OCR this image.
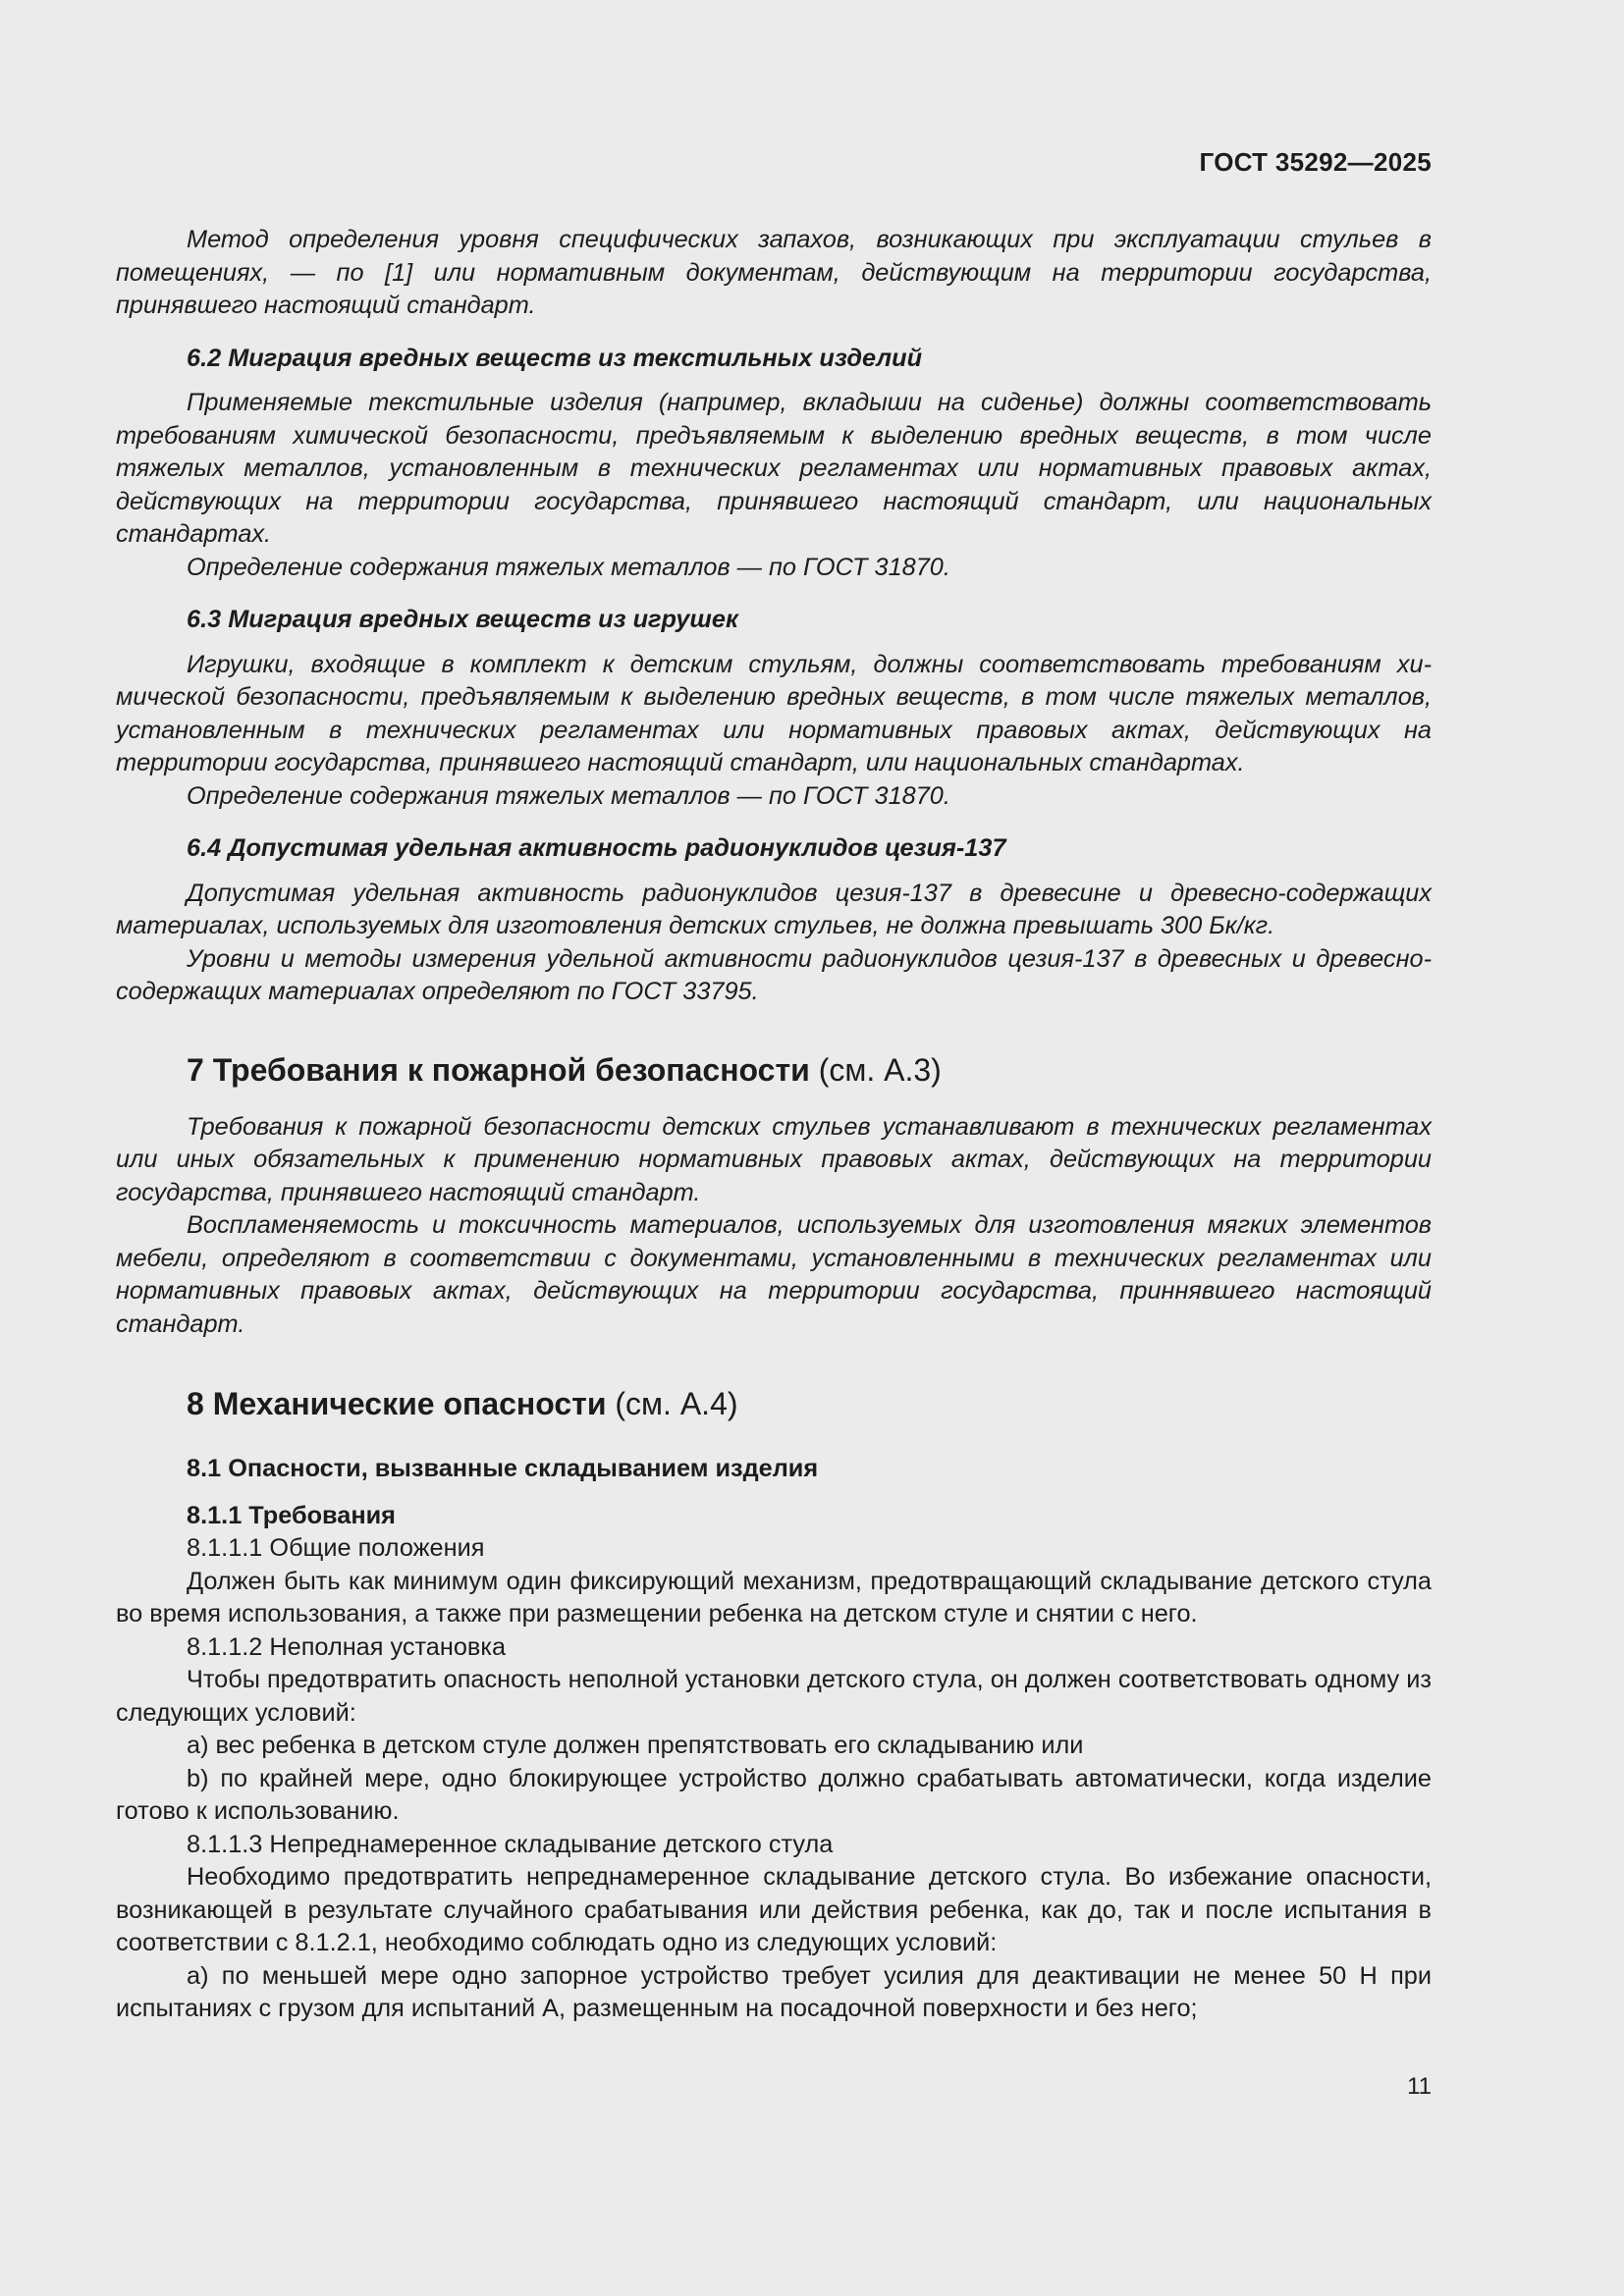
ГОСТ 35292—2025

Метод определения уровня специфических запахов, возникающих при эксплуатации стульев в помещениях, — по [1] или нормативным документам, действующим на территории государства, принявшего настоящий стандарт.

6.2 Миграция вредных веществ из текстильных изделий

Применяемые текстильные изделия (например, вкладыши на сиденье) должны соответствовать требованиям химической безопасности, предъявляемым к выделению вредных веществ, в том числе тяжелых металлов, установленным в технических регламентах или нормативных правовых актах, действующих на территории государства, принявшего настоящий стандарт, или национальных стандартах.

Определение содержания тяжелых металлов — по ГОСТ 31870.

6.3 Миграция вредных веществ из игрушек

Игрушки, входящие в комплект к детским стульям, должны соответствовать требованиям химической безопасности, предъявляемым к выделению вредных веществ, в том числе тяжелых металлов, установленным в технических регламентах или нормативных правовых актах, действующих на территории государства, принявшего настоящий стандарт, или национальных стандартах.

Определение содержания тяжелых металлов — по ГОСТ 31870.

6.4 Допустимая удельная активность радионуклидов цезия-137

Допустимая удельная активность радионуклидов цезия-137 в древесине и древесно-содержащих материалах, используемых для изготовления детских стульев, не должна превышать 300 Бк/кг.

Уровни и методы измерения удельной активности радионуклидов цезия-137 в древесных и древесно-содержащих материалах определяют по ГОСТ 33795.

7 Требования к пожарной безопасности (см. А.3)

Требования к пожарной безопасности детских стульев устанавливают в технических регламентах или иных обязательных к применению нормативных правовых актах, действующих на территории государства, принявшего настоящий стандарт.

Воспламеняемость и токсичность материалов, используемых для изготовления мягких элементов мебели, определяют в соответствии с документами, установленными в технических регламентах или нормативных правовых актах, действующих на территории государства, приннявшего настоящий стандарт.

8 Механические опасности (см. А.4)
8.1 Опасности, вызванные складыванием изделия
8.1.1 Требования

8.1.1.1 Общие положения

Должен быть как минимум один фиксирующий механизм, предотвращающий складывание детского стула во время использования, а также при размещении ребенка на детском стуле и снятии с него.

8.1.1.2 Неполная установка

Чтобы предотвратить опасность неполной установки детского стула, он должен соответствовать одному из следующих условий:

a) вес ребенка в детском стуле должен препятствовать его складыванию или

b) по крайней мере, одно блокирующее устройство должно срабатывать автоматически, когда изделие готово к использованию.

8.1.1.3 Непреднамеренное складывание детского стула

Необходимо предотвратить непреднамеренное складывание детского стула. Во избежание опасности, возникающей в результате случайного срабатывания или действия ребенка, как до, так и после испытания в соответствии с 8.1.2.1, необходимо соблюдать одно из следующих условий:

а) по меньшей мере одно запорное устройство требует усилия для деактивации не менее 50 Н при испытаниях с грузом для испытаний А, размещенным на посадочной поверхности и без него;

11
